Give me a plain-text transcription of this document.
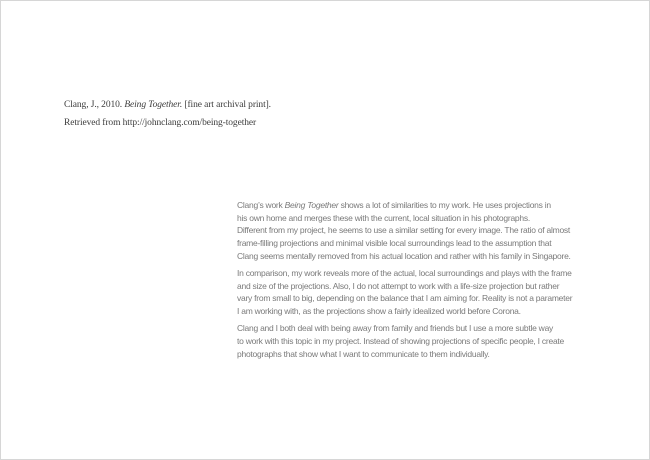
Clang, J., 2010. Being Together. [fine art archival print].
Retrieved from http://johnclang.com/being-together

Clang’s work Being Together shows a lot of similarities to my work. He uses projections in
his own home and merges these with the current, local situation in his photographs.
Different from my project, he seems to use a similar setting for every image. The ratio of almost
frame-filling projections and minimal visible local surroundings lead to the assumption that
Clang seems mentally removed from his actual location and rather with his family in Singapore.

In comparison, my work reveals more of the actual, local surroundings and plays with the frame
and size of the projections. Also, I do not attempt to work with a life-size projection but rather
vary from small to big, depending on the balance that I am aiming for. Reality is not a parameter
I am working with, as the projections show a fairly idealized world before Corona.

Clang and I both deal with being away from family and friends but I use a more subtle way
to work with this topic in my project. Instead of showing projections of specific people, I create
photographs that show what I want to communicate to them individually.
